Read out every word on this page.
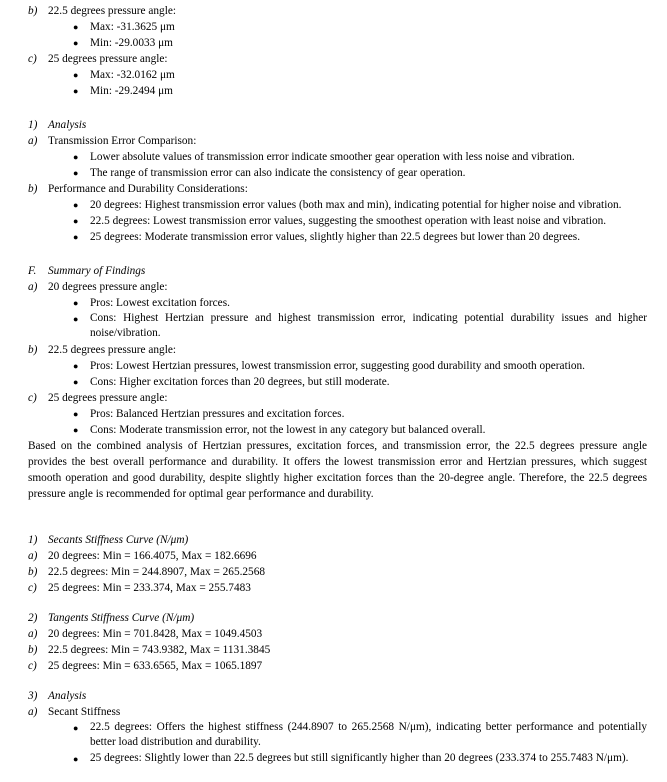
b) 22.5 degrees pressure angle:
● Max: -31.3625 μm
● Min: -29.0033 μm
c) 25 degrees pressure angle:
● Max: -32.0162 μm
● Min: -29.2494 μm
1) Analysis
a) Transmission Error Comparison:
● Lower absolute values of transmission error indicate smoother gear operation with less noise and vibration.
● The range of transmission error can also indicate the consistency of gear operation.
b) Performance and Durability Considerations:
● 20 degrees: Highest transmission error values (both max and min), indicating potential for higher noise and vibration.
● 22.5 degrees: Lowest transmission error values, suggesting the smoothest operation with least noise and vibration.
● 25 degrees: Moderate transmission error values, slightly higher than 22.5 degrees but lower than 20 degrees.
F. Summary of Findings
a) 20 degrees pressure angle:
● Pros: Lowest excitation forces.
● Cons: Highest Hertzian pressure and highest transmission error, indicating potential durability issues and higher noise/vibration.
b) 22.5 degrees pressure angle:
● Pros: Lowest Hertzian pressures, lowest transmission error, suggesting good durability and smooth operation.
● Cons: Higher excitation forces than 20 degrees, but still moderate.
c) 25 degrees pressure angle:
● Pros: Balanced Hertzian pressures and excitation forces.
● Cons: Moderate transmission error, not the lowest in any category but balanced overall.
Based on the combined analysis of Hertzian pressures, excitation forces, and transmission error, the 22.5 degrees pressure angle provides the best overall performance and durability. It offers the lowest transmission error and Hertzian pressures, which suggest smooth operation and good durability, despite slightly higher excitation forces than the 20-degree angle. Therefore, the 22.5 degrees pressure angle is recommended for optimal gear performance and durability.
1) Secants Stiffness Curve (N/μm)
a) 20 degrees: Min = 166.4075, Max = 182.6696
b) 22.5 degrees: Min = 244.8907, Max = 265.2568
c) 25 degrees: Min = 233.374, Max = 255.7483
2) Tangents Stiffness Curve (N/μm)
a) 20 degrees: Min = 701.8428, Max = 1049.4503
b) 22.5 degrees: Min = 743.9382, Max = 1131.3845
c) 25 degrees: Min = 633.6565, Max = 1065.1897
3) Analysis
a) Secant Stiffness
● 22.5 degrees: Offers the highest stiffness (244.8907 to 265.2568 N/μm), indicating better performance and potentially better load distribution and durability.
● 25 degrees: Slightly lower than 22.5 degrees but still significantly higher than 20 degrees (233.374 to 255.7483 N/μm).
